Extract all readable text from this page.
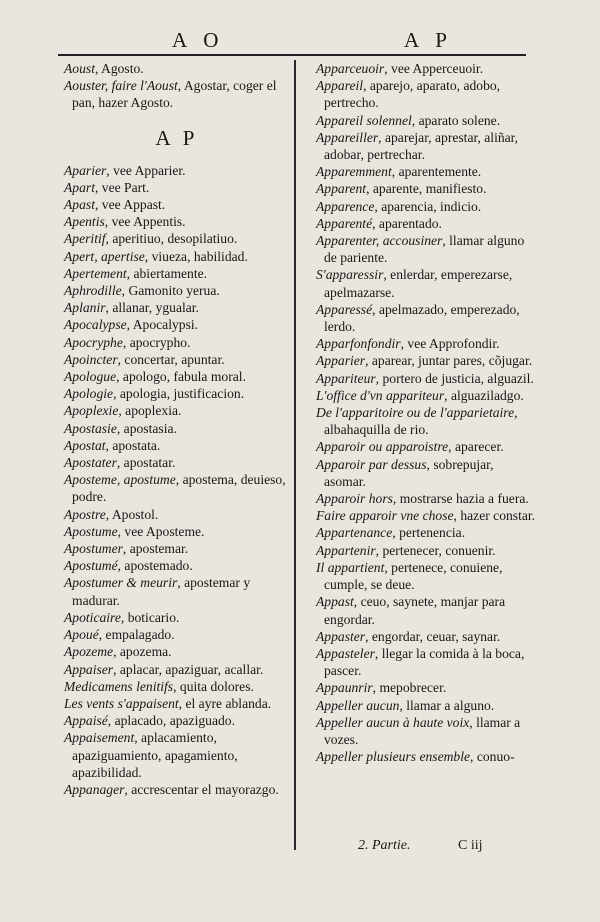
A O	A P
Aoust, Agosto.
Aouster, faire l'Aoust, Agostar, coger el pan, hazer Agosto.
A P
Aparier, vee Apparier.
Apart, vee Part.
Apast, vee Appast.
Apentis, vee Appentis.
Aperitif, aperitiuo, desopilatiuo.
Apert, apertise, viueza, habilidad.
Apertement, abiertamente.
Aphrodille, Gamonito yerua.
Aplanir, allanar, ygualar.
Apocalypse, Apocalypsi.
Apocryphe, apocrypho.
Apoincter, concertar, apuntar.
Apologue, apologo, fabula moral.
Apologie, apologia, justificacion.
Apoplexie, apoplexia.
Apostasie, apostasia.
Apostat, apostata.
Apostater, apostatar.
Aposteme, apostume, apostema, deuieso, podre.
Apostre, Apostol.
Apostume, vee Aposteme.
Apostumer, apostemar.
Apostumé, apostemado.
Apostumer & meurir, apostemar y madurar.
Apoticaire, boticario.
Apoué, empalagado.
Apozeme, apozema.
Appaiser, aplacar, apaziguar, acallar.
Medicamens lenitifs, quita dolores.
Les vents s'appaisent, el ayre ablanda.
Appaisé, aplacado, apaziguado.
Appaisement, aplacamiento, apaziguamiento, apagamiento, apazibilidad.
Appanager, accrescentar el mayorazgo.
Apparceuoir, vee Apperceuoir.
Appareil, aparejo, aparato, adobo, pertrecho.
Appareil solennel, aparato solene.
Appareiller, aparejar, aprestar, aliñar, adobar, pertrechar.
Apparemment, aparentemente.
Apparent, aparente, manifiesto.
Apparence, aparencia, indicio.
Apparenté, aparentado.
Apparenter, accousiner, llamar alguno de pariente.
S'apparessir, enlerdar, emperezarse, apelmazarse.
Apparessé, apelmazado, emperezado, lerdo.
Apparfonfondir, vee Approfondir.
Apparier, aparear, juntar pares, cõjugar.
Appariteur, portero de justicia, alguazil.
L'office d'vn appariteur, alguaziladgo.
De l'apparitoire ou de l'apparietaire, albahaquilla de rio.
Apparoir ou apparoistre, aparecer.
Apparoir par dessus, sobrepujar, asomar.
Apparoir hors, mostrarse hazia a fuera.
Faire apparoir vne chose, hazer constar.
Appartenance, pertenencia.
Appartenir, pertenecer, conuenir.
Il appartient, pertenece, conuiene, cumple, se deue.
Appast, ceuo, saynete, manjar para engordar.
Appaster, engordar, ceuar, saynar.
Appasteler, llegar la comida à la boca, pascer.
Appaunrir, mepobrecer.
Appeller aucun, llamar a alguno.
Appeller aucun à haute voix, llamar a vozes.
Appeller plusieurs ensemble, conuo-
2. Partie.	C iij
